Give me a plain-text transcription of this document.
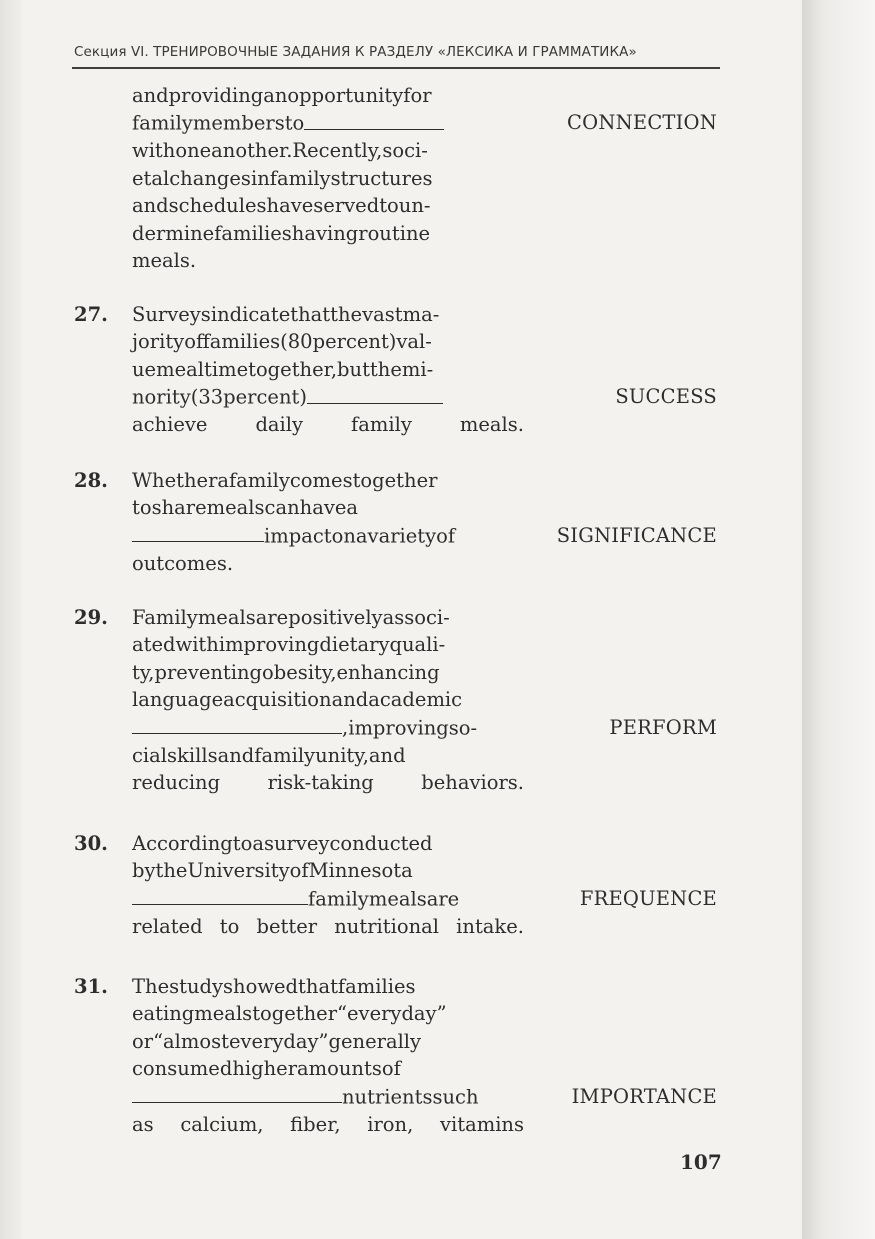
Секция VI. ТРЕНИРОВОЧНЫЕ ЗАДАНИЯ К РАЗДЕЛУ «ЛЕКСИКА И ГРАММАТИКА»
andprovidinganopportunityfor
familymembersto
withoneanother.Recently,soci-
etalchangesinfamilystructures
andscheduleshaveservedtoun-
derminefamilieshavingroutine
meals.
CONNECTION
Surveysindicatethatthevastma-
jorityoffamilies(80percent)val-
uemealtimetogether,butthemi-
nority(33percent)
achieve daily family meals.
27.
SUCCESS
Whetherafamilycomestogether
tosharemealscanhavea
impactonavarietyof
outcomes.
28.
SIGNIFICANCE
Familymealsarepositivelyassoci-
atedwithimprovingdietaryquali-
ty,preventingobesity,enhancing
languageacquisitionandacademic
,improvingso-
cialskillsandfamilyunity,and
reducing risk-taking behaviors.
29.
PERFORM
Accordingtoasurveyconducted
bytheUniversityofMinnesota
familymealsare
related to better nutritional intake.
30.
FREQUENCE
Thestudyshowedthatfamilies
eatingmealstogether“everyday”
or“almosteveryday”generally
consumedhigheramountsof
nutrientssuch
as calcium, fiber, iron, vitamins
31.
IMPORTANCE
107
